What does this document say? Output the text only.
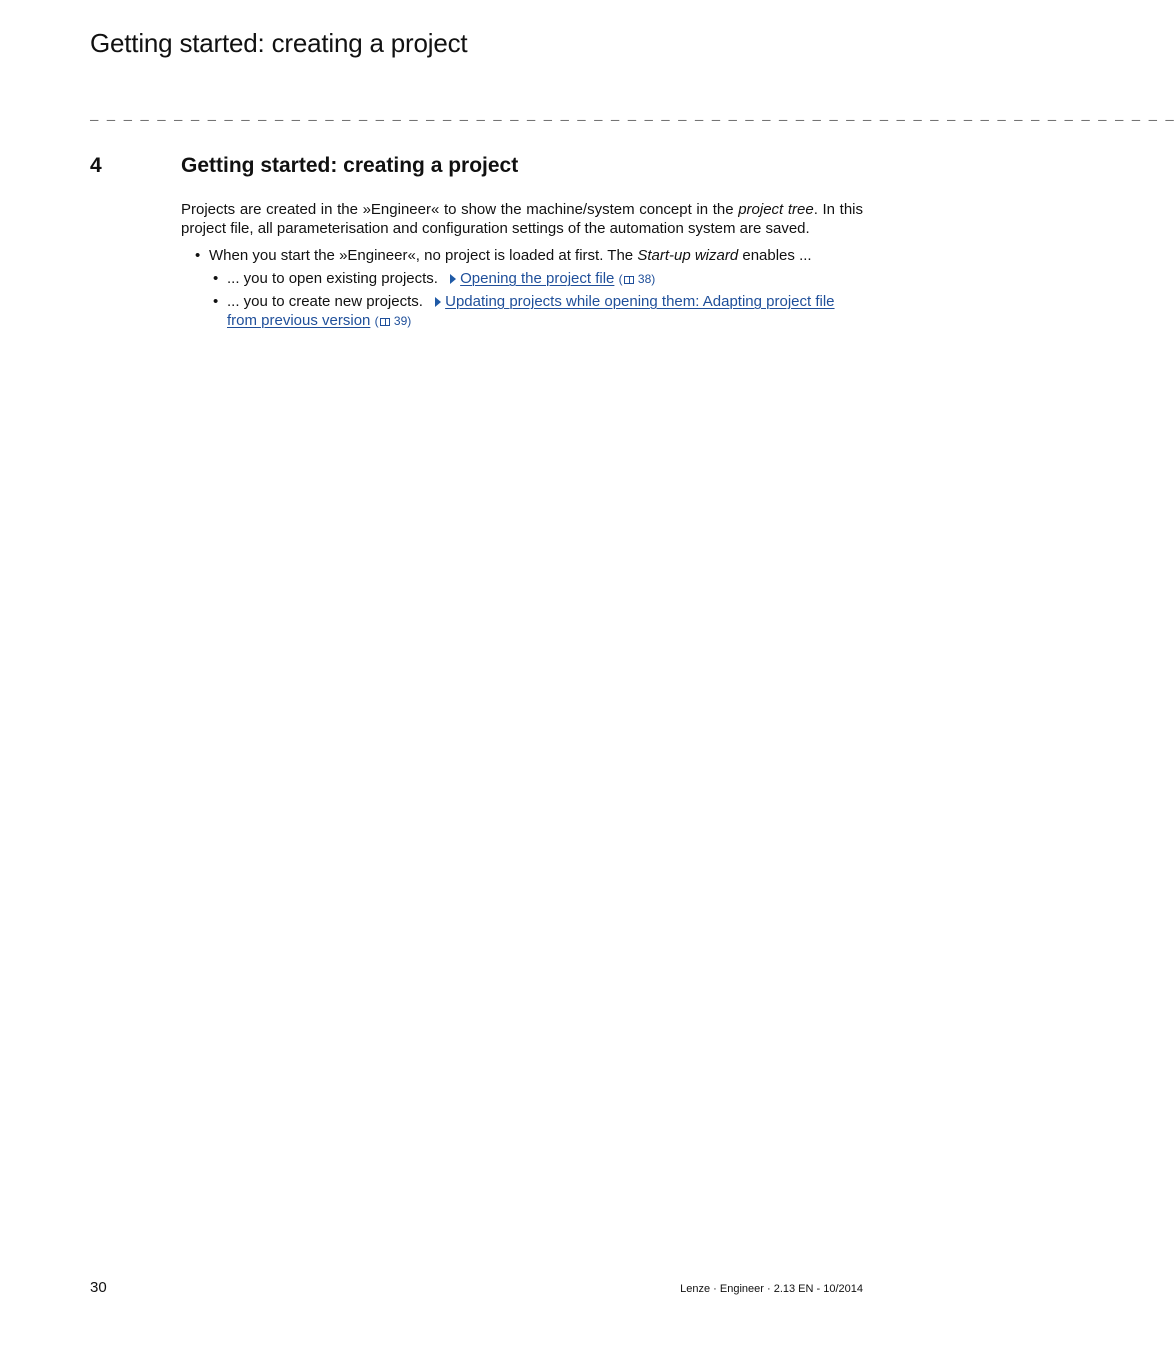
Getting started: creating a project
_ _ _ _ _ _ _ _ _ _ _ _ _ _ _ _ _ _ _ _ _ _ _ _ _ _ _ _ _ _ _ _ _ _ _ _ _ _ _ _ _ _ _ _ _ _ _ _ _ _ _ _ _ _ _ _ _ _ _ _ _ _ _ _ _
4	Getting started: creating a project

Projects are created in the »Engineer« to show the machine/system concept in the project tree. In this project file, all parameterisation and configuration settings of the automation system are saved.

• When you start the »Engineer«, no project is loaded at first. The Start-up wizard enables ...
• ... you to open existing projects. Opening the project file ( 38)
• ... you to create new projects. Updating projects while opening them: Adapting project file from previous version ( 39)
30	Lenze · Engineer · 2.13 EN - 10/2014
